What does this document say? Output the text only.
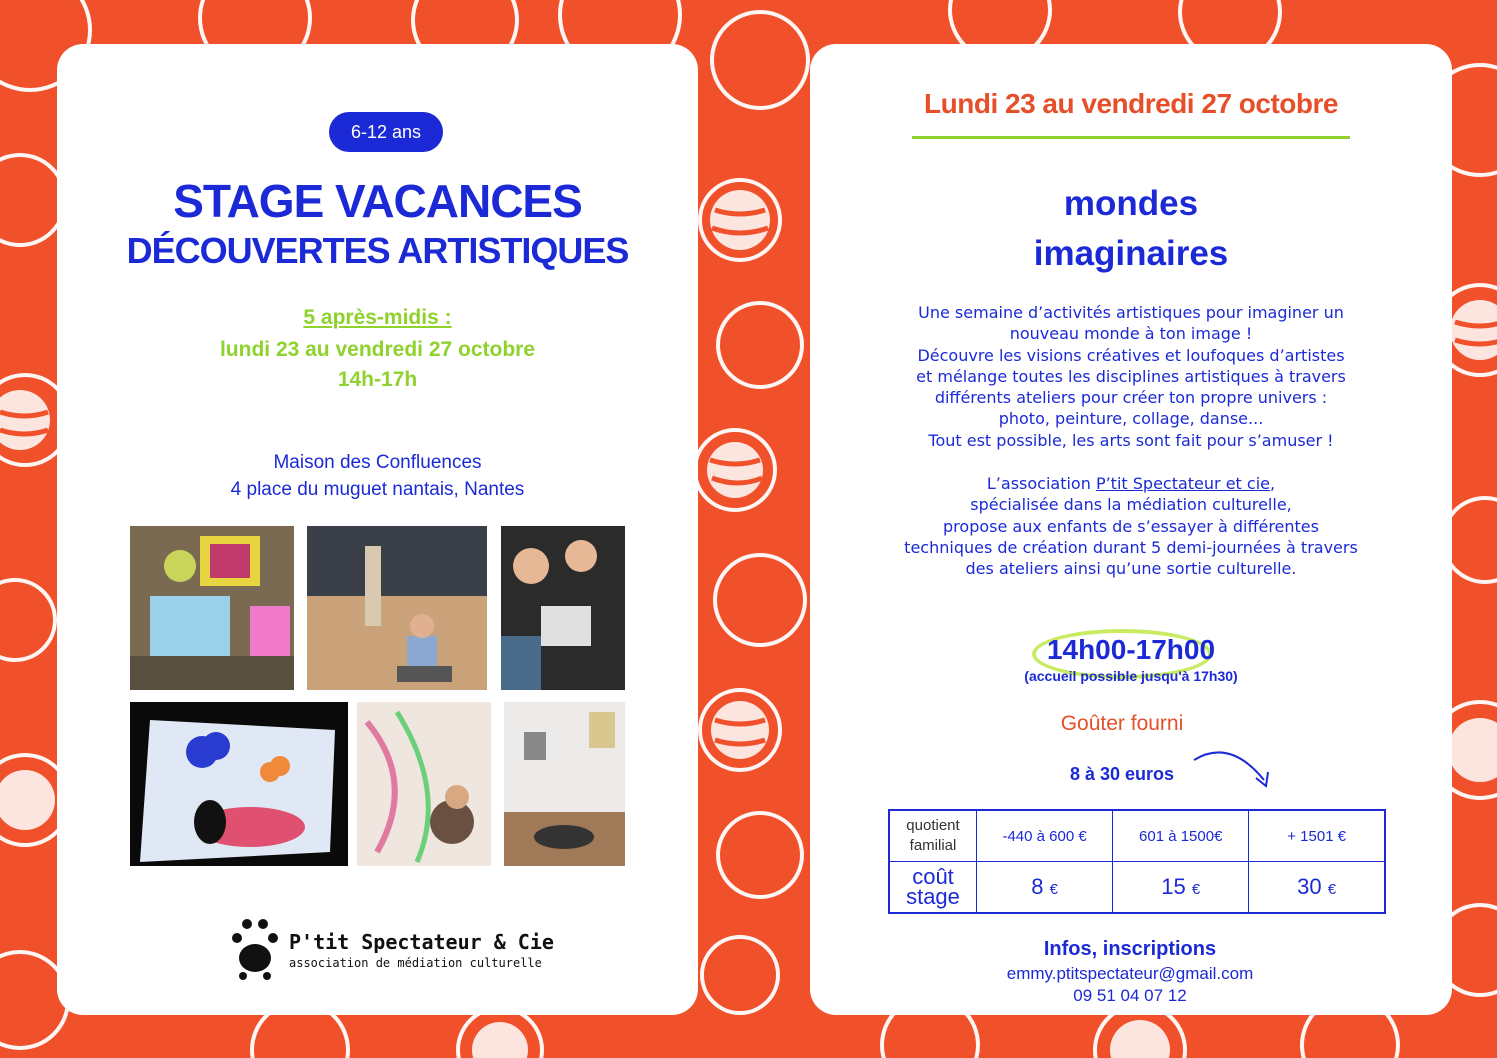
6-12 ans
STAGE VACANCES
DÉCOUVERTES ARTISTIQUES
5 après-midis :
lundi 23 au vendredi 27 octobre
14h-17h
Maison des Confluences
4 place du muguet nantais, Nantes
P'tit Spectateur & Cie
association de médiation culturelle
Lundi 23 au vendredi 27 octobre
mondes
imaginaires
Une semaine d’activités artistiques pour imaginer un
nouveau monde à ton image !
Découvre les visions créatives et loufoques d’artistes
et mélange toutes les disciplines artistiques à travers
différents ateliers pour créer ton propre univers :
photo, peinture, collage, danse...
Tout est possible, les arts sont fait pour s’amuser !
L’association P’tit Spectateur et cie,
spécialisée dans la médiation culturelle,
propose aux enfants de s’essayer à différentes
techniques de création durant 5 demi-journées à travers
des ateliers ainsi qu’une sortie culturelle.
14h00-17h00
(accueil possible jusqu'à 17h30)
Goûter fourni
8 à 30 euros
quotient
familial	-440 à 600 €	601 à 1500€	+ 1501 €

coût
stage	8 €	15 €	30 €
Infos, inscriptions
emmy.ptitspectateur@gmail.com
09 51 04 07 12
